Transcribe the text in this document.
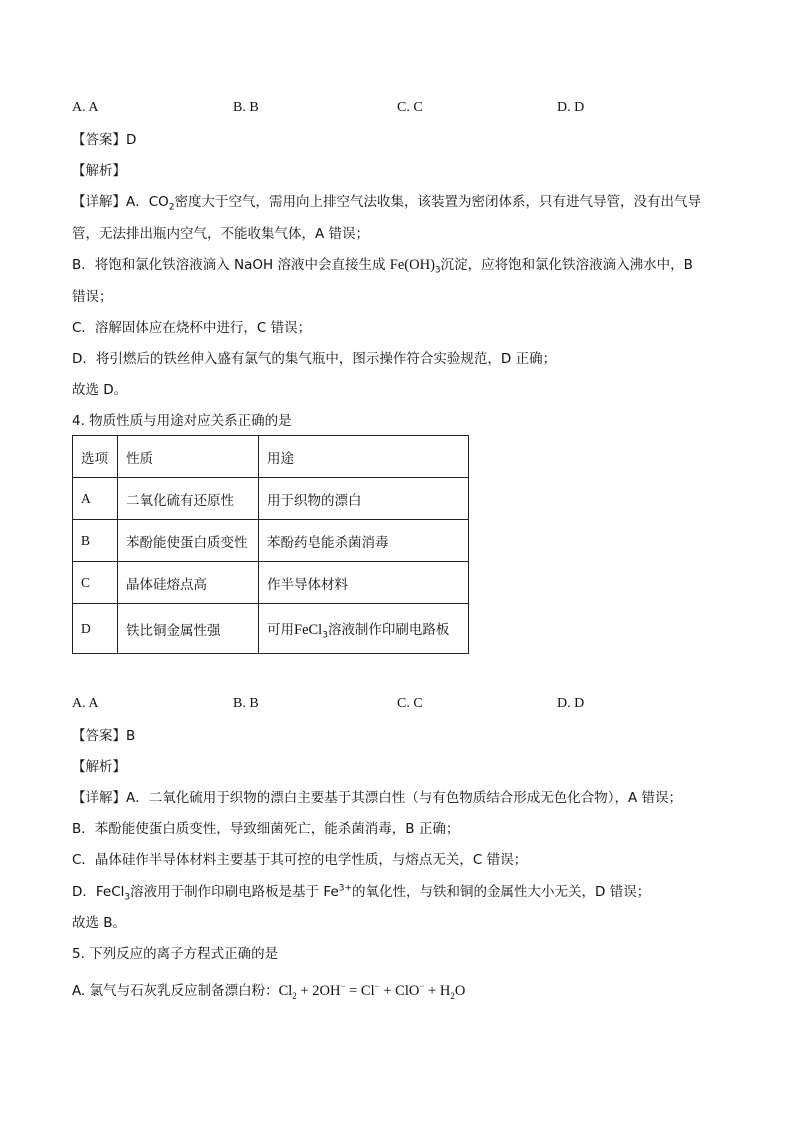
A. A	B. B	C. C	D. D
【答案】D
【解析】
【详解】A．$CO_2$密度大于空气，需用向上排空气法收集，该装置为密闭体系，只有进气导管，没有出气导
管，无法排出瓶内空气，不能收集气体，A 错误；
B．将饱和氯化铁溶液滴入 NaOH 溶液中会直接生成 $Fe(OH)_3$沉淀，应将饱和氯化铁溶液滴入沸水中，B
错误；
C．溶解固体应在烧杯中进行，C 错误；
D．将引燃后的铁丝伸入盛有氯气的集气瓶中，图示操作符合实验规范，D 正确；
故选 D。
4. 物质性质与用途对应关系正确的是
选项	性质	用途
A	二氧化硫有还原性	用于织物的漂白
B	苯酚能使蛋白质变性	苯酚药皂能杀菌消毒
C	晶体硅熔点高	作半导体材料
D	铁比铜金属性强	可用FeCl$_3$溶液制作印刷电路板
A. A	B. B	C. C	D. D
【答案】B
【解析】
【详解】A．二氧化硫用于织物的漂白主要基于其漂白性（与有色物质结合形成无色化合物），A 错误；
B．苯酚能使蛋白质变性，导致细菌死亡，能杀菌消毒，B 正确；
C．晶体硅作半导体材料主要基于其可控的电学性质，与熔点无关，C 错误；
D．FeCl$_3$溶液用于制作印刷电路板是基于 $Fe^{3+}$的氧化性，与铁和铜的金属性大小无关，D 错误；
故选 B。
5. 下列反应的离子方程式正确的是
A. 氯气与石灰乳反应制备漂白粉：$Cl_2 + 2OH^- = Cl^- + ClO^- + H_2O$
